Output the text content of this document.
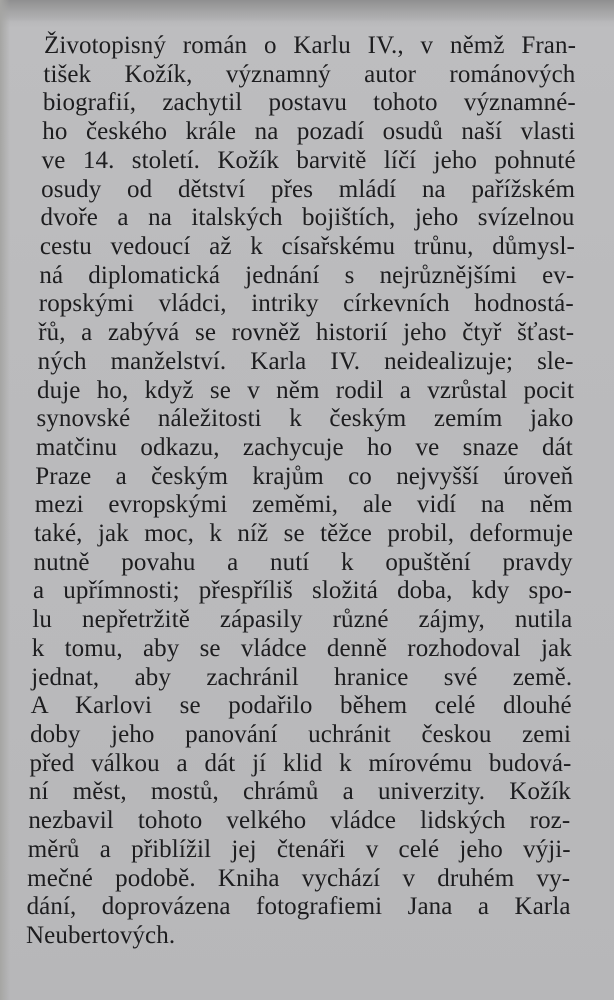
Životopisný román o Karlu IV., v němž Fran-
tišek Kožík, významný autor románových
biografií, zachytil postavu tohoto významné-
ho českého krále na pozadí osudů naší vlasti
ve 14. století. Kožík barvitě líčí jeho pohnuté
osudy od dětství přes mládí na pařížském
dvoře a na italských bojištích, jeho svízelnou
cestu vedoucí až k císařskému trůnu, důmysl-
ná diplomatická jednání s nejrůznějšími ev-
ropskými vládci, intriky církevních hodnostá-
řů, a zabývá se rovněž historií jeho čtyř šťast-
ných manželství. Karla IV. neidealizuje; sle-
duje ho, když se v něm rodil a vzrůstal pocit
synovské náležitosti k českým zemím jako
matčinu odkazu, zachycuje ho ve snaze dát
Praze a českým krajům co nejvyšší úroveň
mezi evropskými zeměmi, ale vidí na něm
také, jak moc, k níž se těžce probil, deformuje
nutně povahu a nutí k opuštění pravdy
a upřímnosti; přespříliš složitá doba, kdy spo-
lu nepřetržitě zápasily různé zájmy, nutila
k tomu, aby se vládce denně rozhodoval jak
jednat, aby zachránil hranice své země.
A Karlovi se podařilo během celé dlouhé
doby jeho panování uchránit českou zemi
před válkou a dát jí klid k mírovému budová-
ní měst, mostů, chrámů a univerzity. Kožík
nezbavil tohoto velkého vládce lidských roz-
měrů a přiblížil jej čtenáři v celé jeho výji-
mečné podobě. Kniha vychází v druhém vy-
dání, doprovázena fotografiemi Jana a Karla
Neubertových.
